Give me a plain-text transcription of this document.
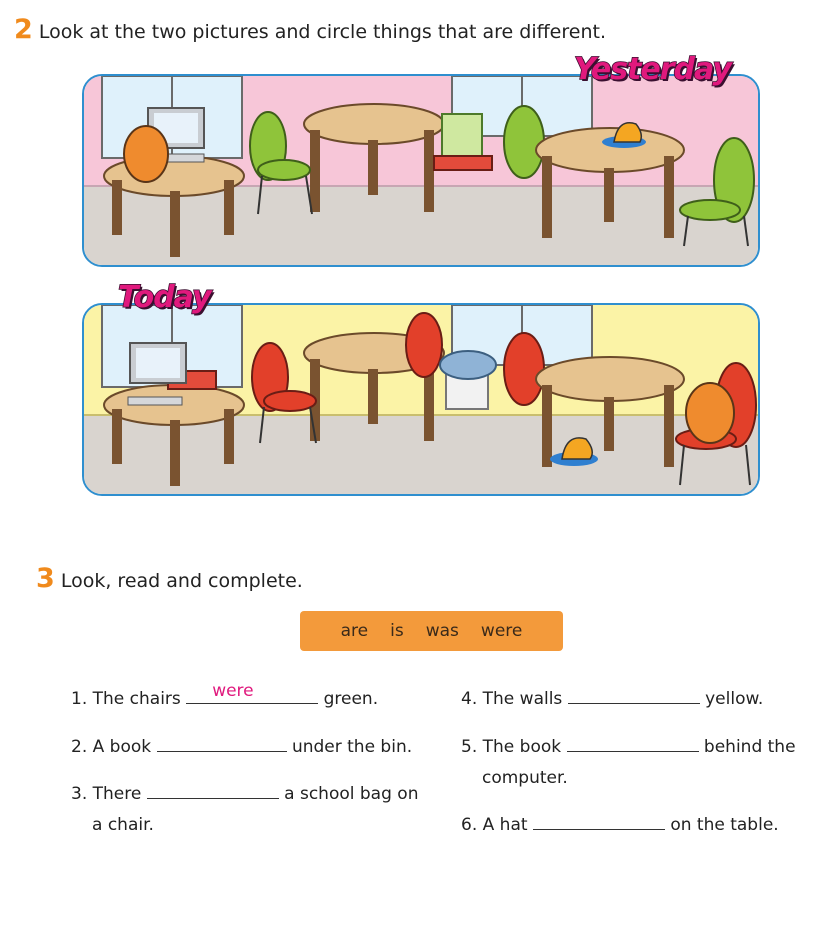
2 Look at the two pictures and circle things that are different.
Yesterday
Today
3 Look, read and complete.
are is was were
1. The chairs were	green.
2. A book	under the bin.
3. There	a school bag on
a chair.
4. The walls	yellow.
5. The book	behind the
computer.
6. A hat	on the table.
